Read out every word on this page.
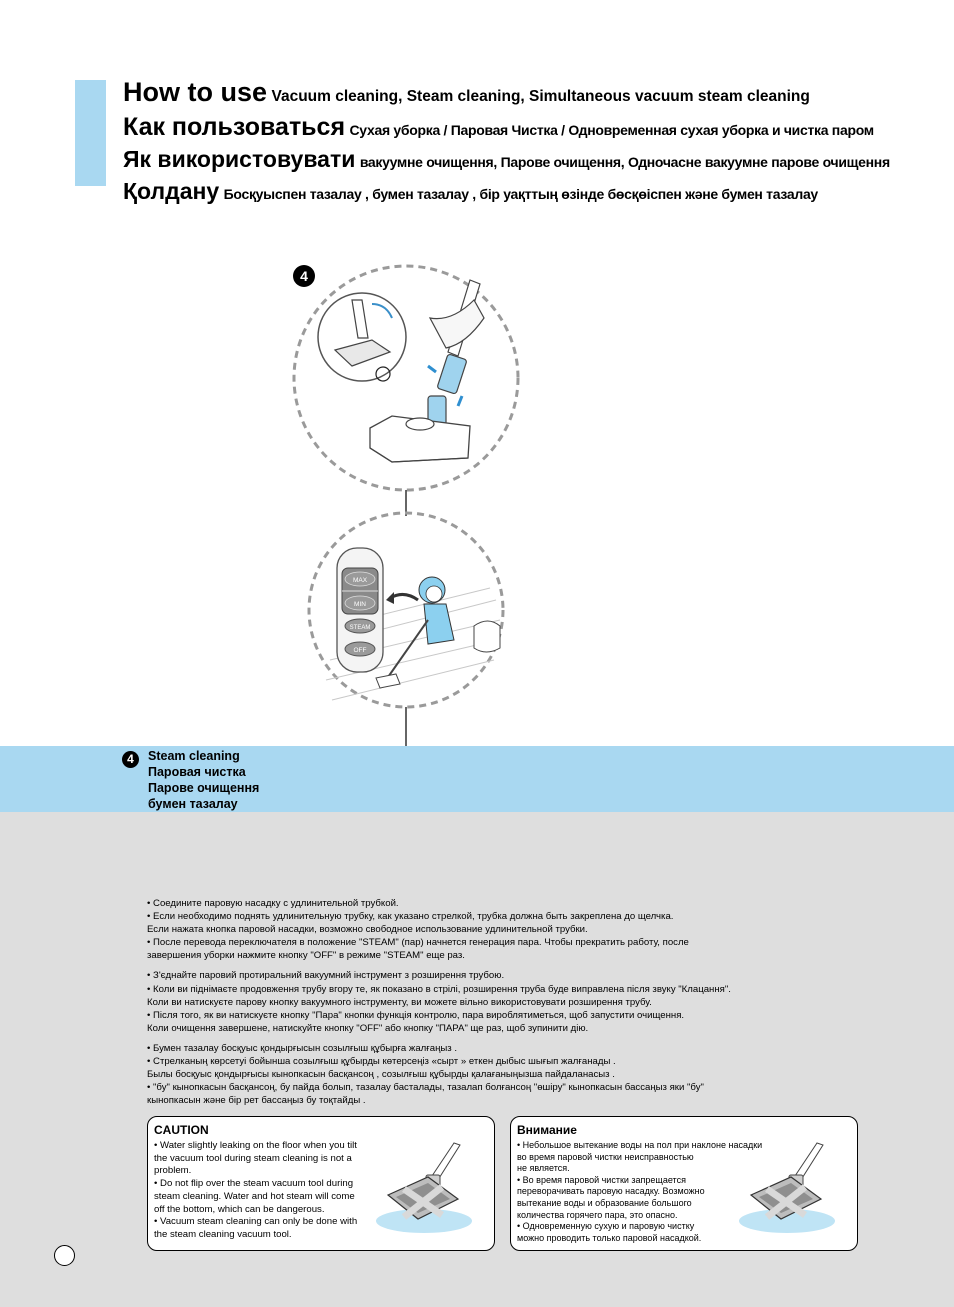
How to use Vacuum cleaning, Steam cleaning, Simultaneous vacuum steam cleaning
Как пользоваться Сухая уборка / Паровая Чистка / Одновременная сухая уборка и чистка паром
Як використовувати вакуумне очищення, Парове очищення, Одночасне вакуумне парове очищення
Қолдану Босқуыспен тазалау , бумен тазалау , бір уақттың өзінде бөсқөіспен және бумен тазалау
4
MAX
MIN
STEAM
OFF
4	Steam cleaning
Паровая чистка
Парове очищення
бумен тазалау
• Соедините паровую насадку с удлинительной трубкой.
• Если необходимо поднять удлинительную трубку, как указано стрелкой, трубка должна быть закреплена до щелчка.
Если нажата кнопка паровой насадки, возможно свободное использование удлинительной трубки.
• После перевода переключателя в положение "STEAM" (пар) начнется генерация пара. Чтобы прекратить работу, после
завершения уборки нажмите кнопку "OFF" в режиме "STEAM" еще раз.
• З'єднайте паровий протиральний вакуумний інструмент з розширення трубою.
• Коли ви піднімаєте продовження трубу вгору те, як показано в стрілі, розширення труба буде виправлена після звуку "Клацання".
Коли ви натискуєте парову кнопку вакуумного інструменту, ви можете вільно використовувати розширення трубу.
• Після того, як ви натискуєте кнопку "Пара" кнопки функція контролю, пара вироблятиметься, щоб запустити очищення.
Коли очищення завершене, натискуйте кнопку "OFF" або кнопку "ПАРА" ще раз, щоб зупинити дію.
• Бумен тазалау босқуыс қондырғысын созылғыш құбырға жалғаңыз .
• Стрелканың көрсетуі бойынша созылғыш құбырды көтерсеңіз «сырт » еткен дыбыс шығып жалғанады .
Былы босқуыс қондырғысы кынопкасын басқансоң , созылғыш құбырды қалағаныңызша пайдаланасыз .
• "бу" кынопкасын басқансоң, бу пайда болып, тазалау басталады, тазалап болғансоң "өшіру" кынопкасын бассаңыз яки "бу"
кынопкасын және бір рет бассаңыз бу тоқтайды .
CAUTION
• Water slightly leaking on the floor when you tilt
the vacuum tool during steam cleaning is not a
problem.
• Do not flip over the steam vacuum tool during
steam cleaning. Water and hot steam will come
off the bottom, which can be dangerous.
• Vacuum steam cleaning can only be done with
the steam cleaning vacuum tool.
Внимание
• Небольшое вытекание воды на пол при наклоне насадки
во время паровой чистки неисправностью
не является.
• Во время паровой чистки запрещается
переворачивать паровую насадку. Возможно
вытекание воды и образование большого
количества горячего пара, это опасно.
• Одновременную сухую и паровую чистку
можно проводить только паровой насадкой.
